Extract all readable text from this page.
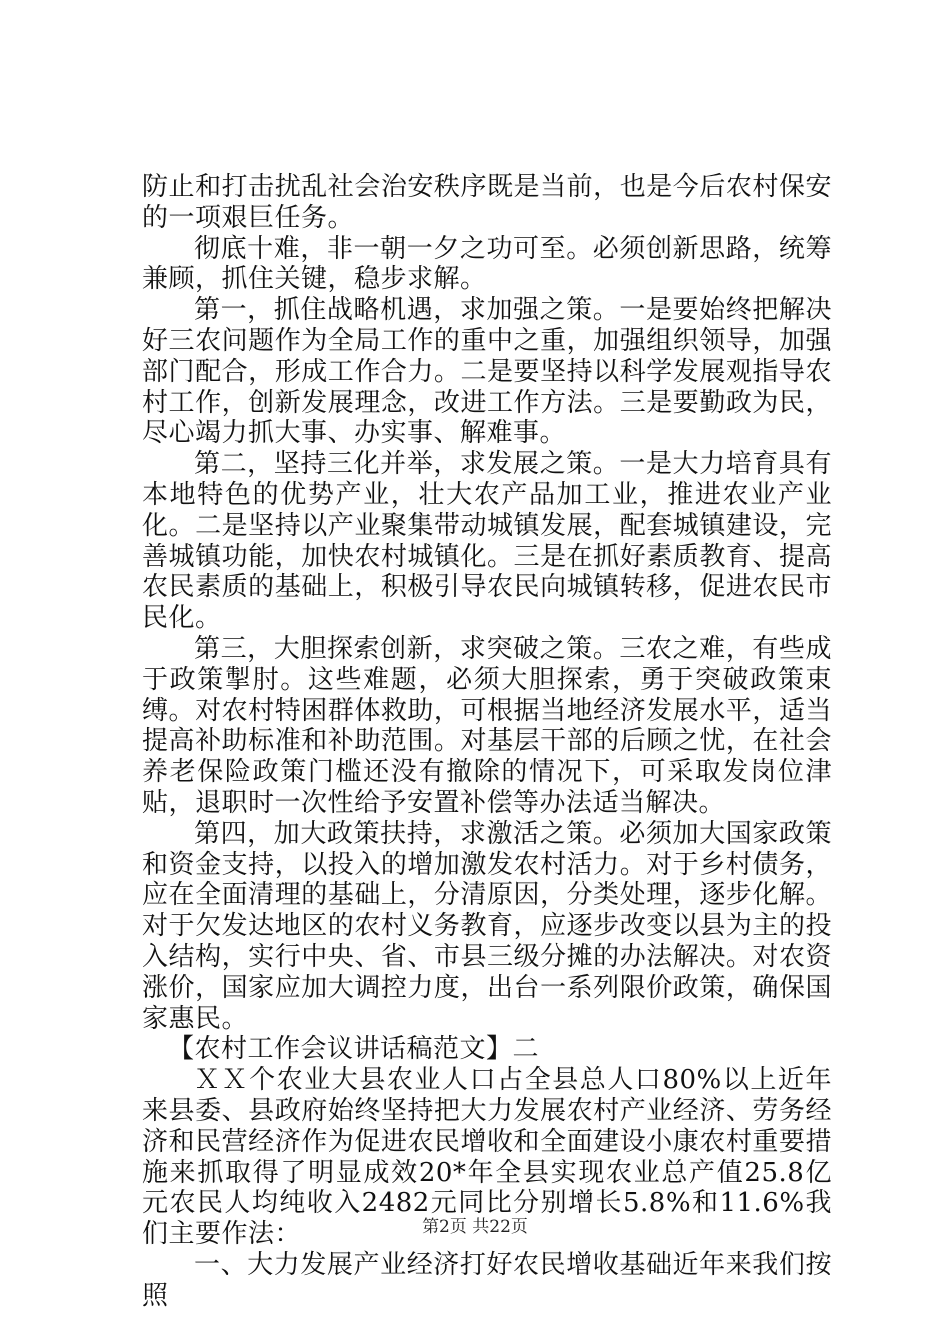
防止和打击扰乱社会治安秩序既是当前，也是今后农村保安的一项艰巨任务。

彻底十难，非一朝一夕之功可至。必须创新思路，统筹兼顾，抓住关键，稳步求解。

第一，抓住战略机遇，求加强之策。一是要始终把解决好三农问题作为全局工作的重中之重，加强组织领导，加强部门配合，形成工作合力。二是要坚持以科学发展观指导农村工作，创新发展理念，改进工作方法。三是要勤政为民，尽心竭力抓大事、办实事、解难事。

第二，坚持三化并举，求发展之策。一是大力培育具有本地特色的优势产业，壮大农产品加工业，推进农业产业化。二是坚持以产业聚集带动城镇发展，配套城镇建设，完善城镇功能，加快农村城镇化。三是在抓好素质教育、提高农民素质的基础上，积极引导农民向城镇转移，促进农民市民化。

第三，大胆探索创新，求突破之策。三农之难，有些成于政策掣肘。这些难题，必须大胆探索，勇于突破政策束缚。对农村特困群体救助，可根据当地经济发展水平，适当提高补助标准和补助范围。对基层干部的后顾之忧，在社会养老保险政策门槛还没有撤除的情况下，可采取发岗位津贴，退职时一次性给予安置补偿等办法适当解决。

第四，加大政策扶持，求激活之策。必须加大国家政策和资金支持，以投入的增加激发农村活力。对于乡村债务，应在全面清理的基础上，分清原因，分类处理，逐步化解。对于欠发达地区的农村义务教育，应逐步改变以县为主的投入结构，实行中央、省、市县三级分摊的办法解决。对农资涨价，国家应加大调控力度，出台一系列限价政策，确保国家惠民。

【农村工作会议讲话稿范文】二

ＸＸ个农业大县农业人口占全县总人口80%以上近年来县委、县政府始终坚持把大力发展农村产业经济、劳务经济和民营经济作为促进农民增收和全面建设小康农村重要措施来抓取得了明显成效20*年全县实现农业总产值25.8亿元农民人均纯收入2482元同比分别增长5.8%和11.6%我们主要作法：

一、大力发展产业经济打好农民增收基础近年来我们按照

第2页 共22页
